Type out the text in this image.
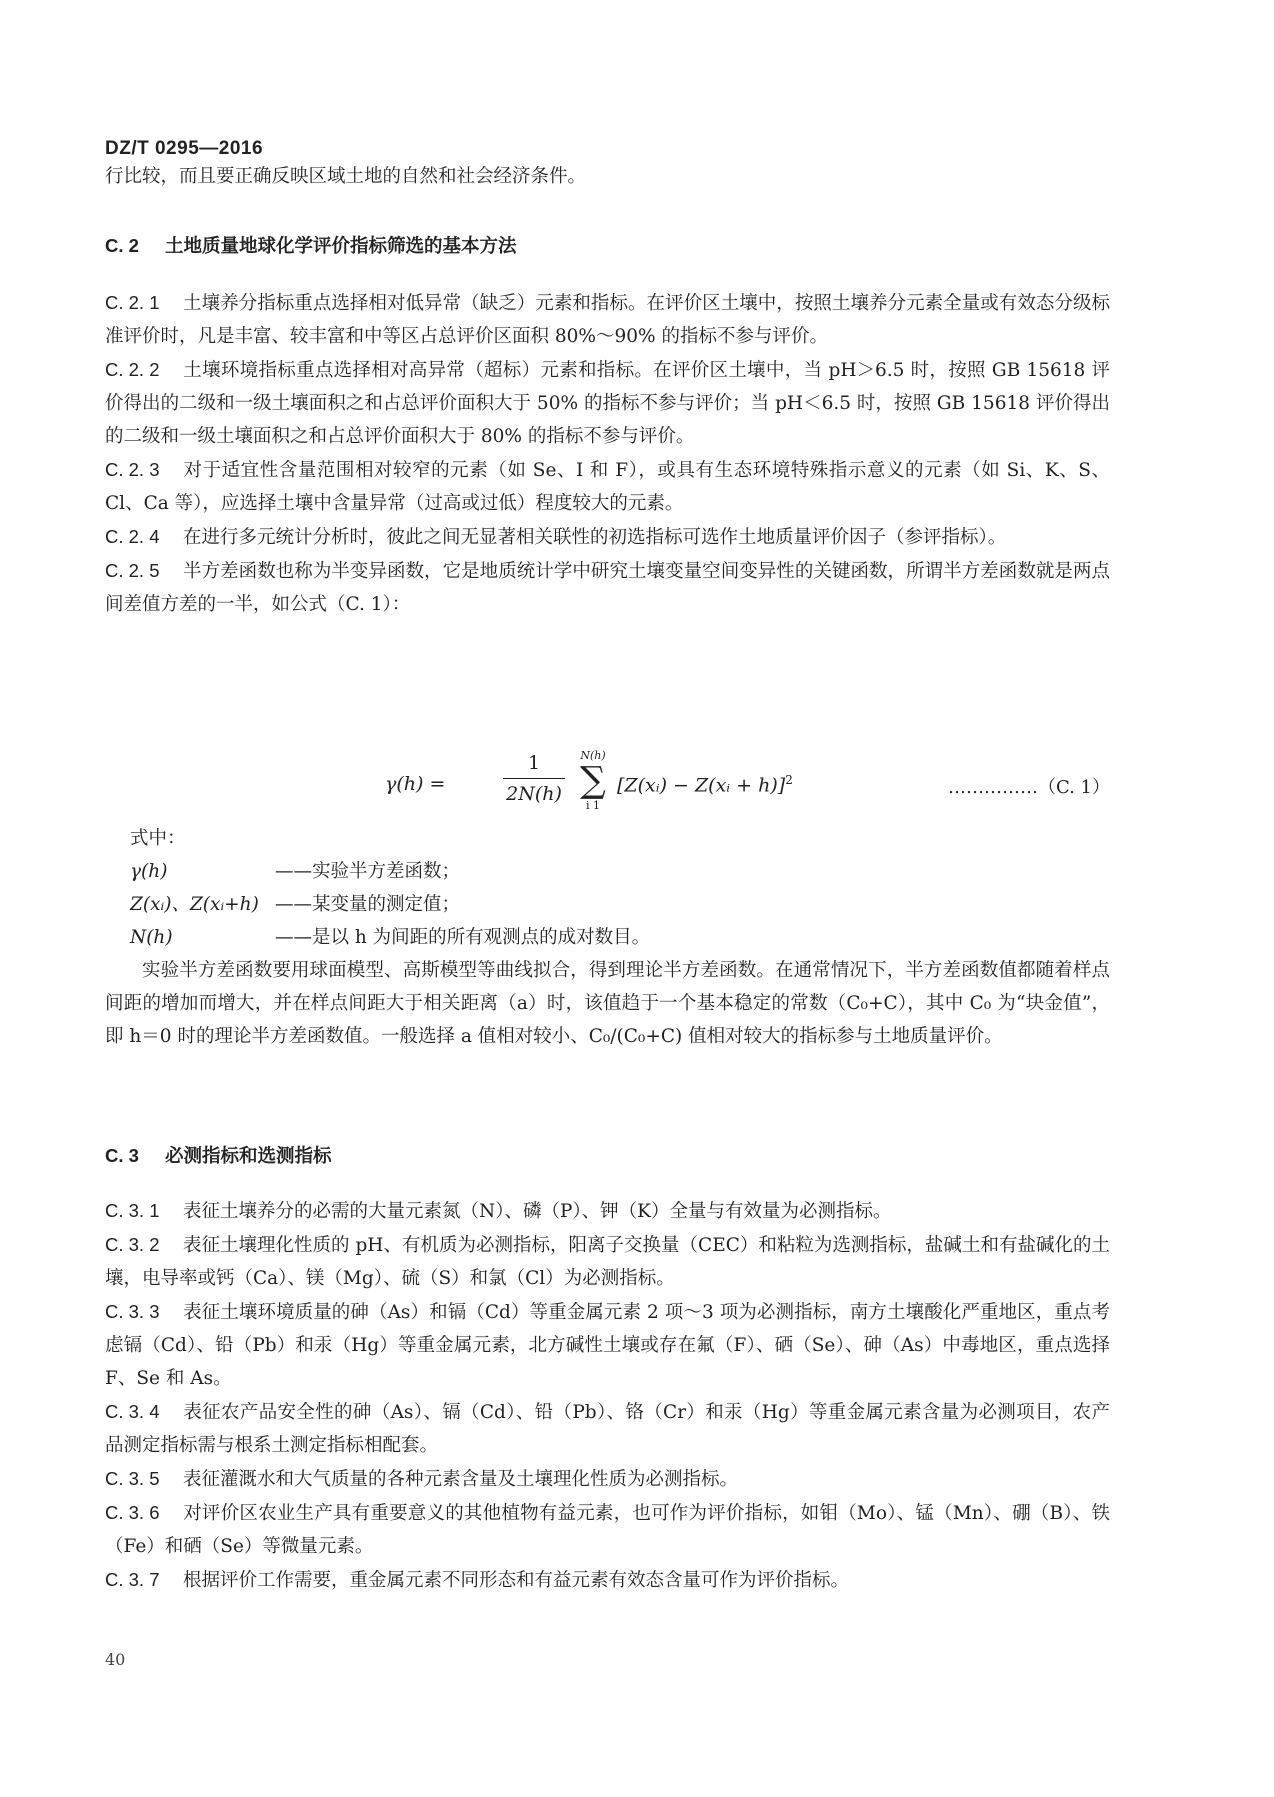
DZ/T 0295—2016
行比较，而且要正确反映区域土地的自然和社会经济条件。
C. 2 土地质量地球化学评价指标筛选的基本方法

C. 2. 1 土壤养分指标重点选择相对低异常（缺乏）元素和指标。在评价区土壤中，按照土壤养分元素全量或有效态分级标准评价时，凡是丰富、较丰富和中等区占总评价区面积 80%～90% 的指标不参与评价。

C. 2. 2 土壤环境指标重点选择相对高异常（超标）元素和指标。在评价区土壤中，当 pH＞6.5 时，按照 GB 15618 评价得出的二级和一级土壤面积之和占总评价面积大于 50% 的指标不参与评价；当 pH＜6.5 时，按照 GB 15618 评价得出的二级和一级土壤面积之和占总评价面积大于 80% 的指标不参与评价。

C. 2. 3 对于适宜性含量范围相对较窄的元素（如 Se、I 和 F），或具有生态环境特殊指示意义的元素（如 Si、K、S、Cl、Ca 等），应选择土壤中含量异常（过高或过低）程度较大的元素。

C. 2. 4 在进行多元统计分析时，彼此之间无显著相关联性的初选指标可选作土地质量评价因子（参评指标）。

C. 2. 5 半方差函数也称为半变异函数，它是地质统计学中研究土壤变量空间变异性的关键函数，所谓半方差函数就是两点间差值方差的一半，如公式（C. 1）：

γ(h) =
1
2N(h)
N(h)
∑
i 1
[Z(xᵢ) − Z(xᵢ + h)]$^2$	……………（C. 1）
式中：
γ(h)	——实验半方差函数；
Z(xᵢ)、Z(xᵢ+h) ——某变量的测定值；
N(h)	——是以 h 为间距的所有观测点的成对数目。
实验半方差函数要用球面模型、高斯模型等曲线拟合，得到理论半方差函数。在通常情况下，半方差函数值都随着样点间距的增加而增大，并在样点间距大于相关距离（a）时，该值趋于一个基本稳定的常数（C₀+C），其中 C₀ 为“块金值”，即 h＝0 时的理论半方差函数值。一般选择 a 值相对较小、C₀/(C₀+C) 值相对较大的指标参与土地质量评价。
C. 3 必测指标和选测指标

C. 3. 1 表征土壤养分的必需的大量元素氮（N）、磷（P）、钾（K）全量与有效量为必测指标。

C. 3. 2 表征土壤理化性质的 pH、有机质为必测指标，阳离子交换量（CEC）和粘粒为选测指标，盐碱土和有盐碱化的土壤，电导率或钙（Ca）、镁（Mg）、硫（S）和氯（Cl）为必测指标。

C. 3. 3 表征土壤环境质量的砷（As）和镉（Cd）等重金属元素 2 项～3 项为必测指标，南方土壤酸化严重地区，重点考虑镉（Cd）、铅（Pb）和汞（Hg）等重金属元素，北方碱性土壤或存在氟（F）、硒（Se）、砷（As）中毒地区，重点选择 F、Se 和 As。

C. 3. 4 表征农产品安全性的砷（As）、镉（Cd）、铅（Pb）、铬（Cr）和汞（Hg）等重金属元素含量为必测项目，农产品测定指标需与根系土测定指标相配套。

C. 3. 5 表征灌溉水和大气质量的各种元素含量及土壤理化性质为必测指标。

C. 3. 6 对评价区农业生产具有重要意义的其他植物有益元素，也可作为评价指标，如钼（Mo）、锰（Mn）、硼（B）、铁（Fe）和硒（Se）等微量元素。

C. 3. 7 根据评价工作需要，重金属元素不同形态和有益元素有效态含量可作为评价指标。

40
